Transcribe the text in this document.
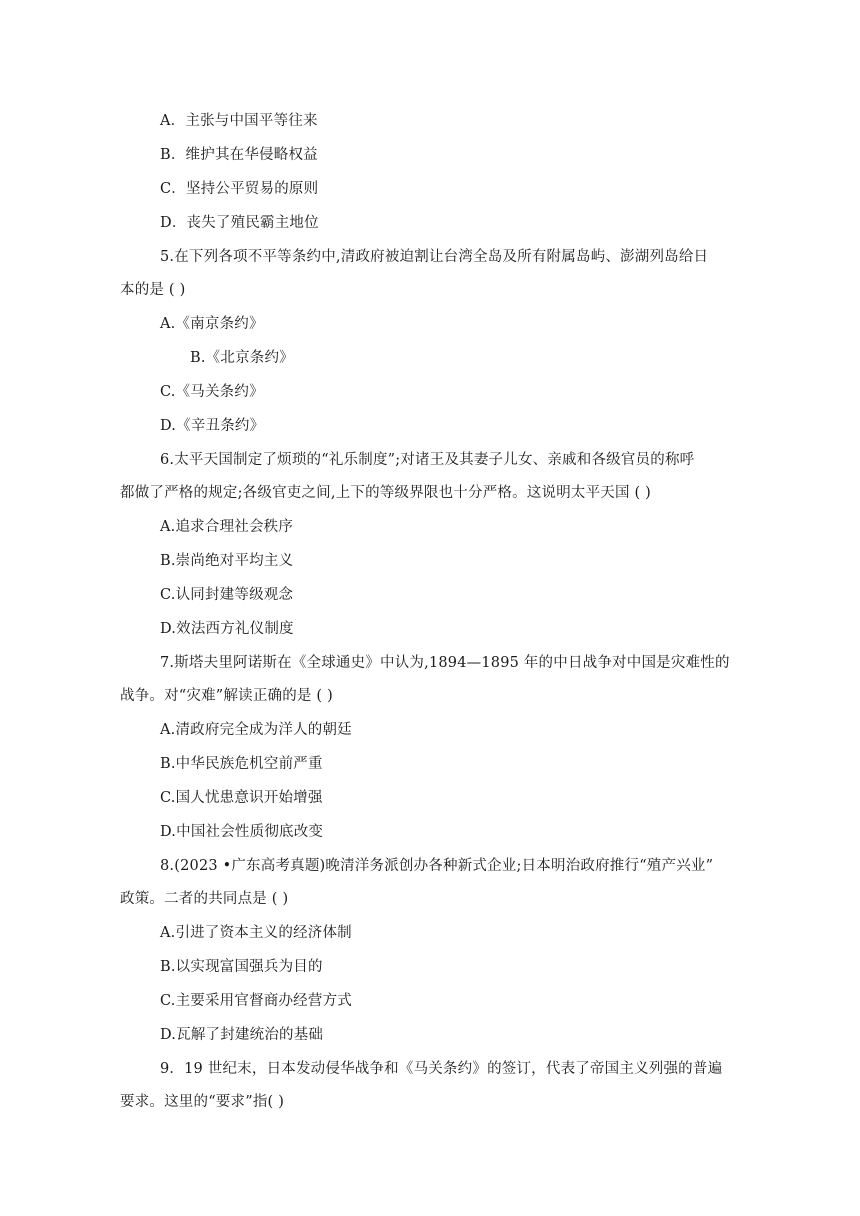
A．主张与中国平等往来
B．维护其在华侵略权益
C．坚持公平贸易的原则
D．丧失了殖民霸主地位
5.在下列各项不平等条约中,清政府被迫割让台湾全岛及所有附属岛屿、澎湖列岛给日
本的是 ( )
A.《南京条约》
B.《北京条约》
C.《马关条约》
D.《辛丑条约》
6.太平天国制定了烦琐的“礼乐制度”;对诸王及其妻子儿女、亲戚和各级官员的称呼
都做了严格的规定;各级官吏之间,上下的等级界限也十分严格。这说明太平天国 ( )
A.追求合理社会秩序
B.崇尚绝对平均主义
C.认同封建等级观念
D.效法西方礼仪制度
7.斯塔夫里阿诺斯在《全球通史》中认为,1894—1895 年的中日战争对中国是灾难性的
战争。对“灾难”解读正确的是 ( )
A.清政府完全成为洋人的朝廷
B.中华民族危机空前严重
C.国人忧患意识开始增强
D.中国社会性质彻底改变
8.(2023 •广东高考真题)晚清洋务派创办各种新式企业;日本明治政府推行“殖产兴业”
政策。二者的共同点是 ( )
A.引进了资本主义的经济体制
B.以实现富国强兵为目的
C.主要采用官督商办经营方式
D.瓦解了封建统治的基础
9．19 世纪末，日本发动侵华战争和《马关条约》的签订，代表了帝国主义列强的普遍
要求。这里的“要求”指( )
